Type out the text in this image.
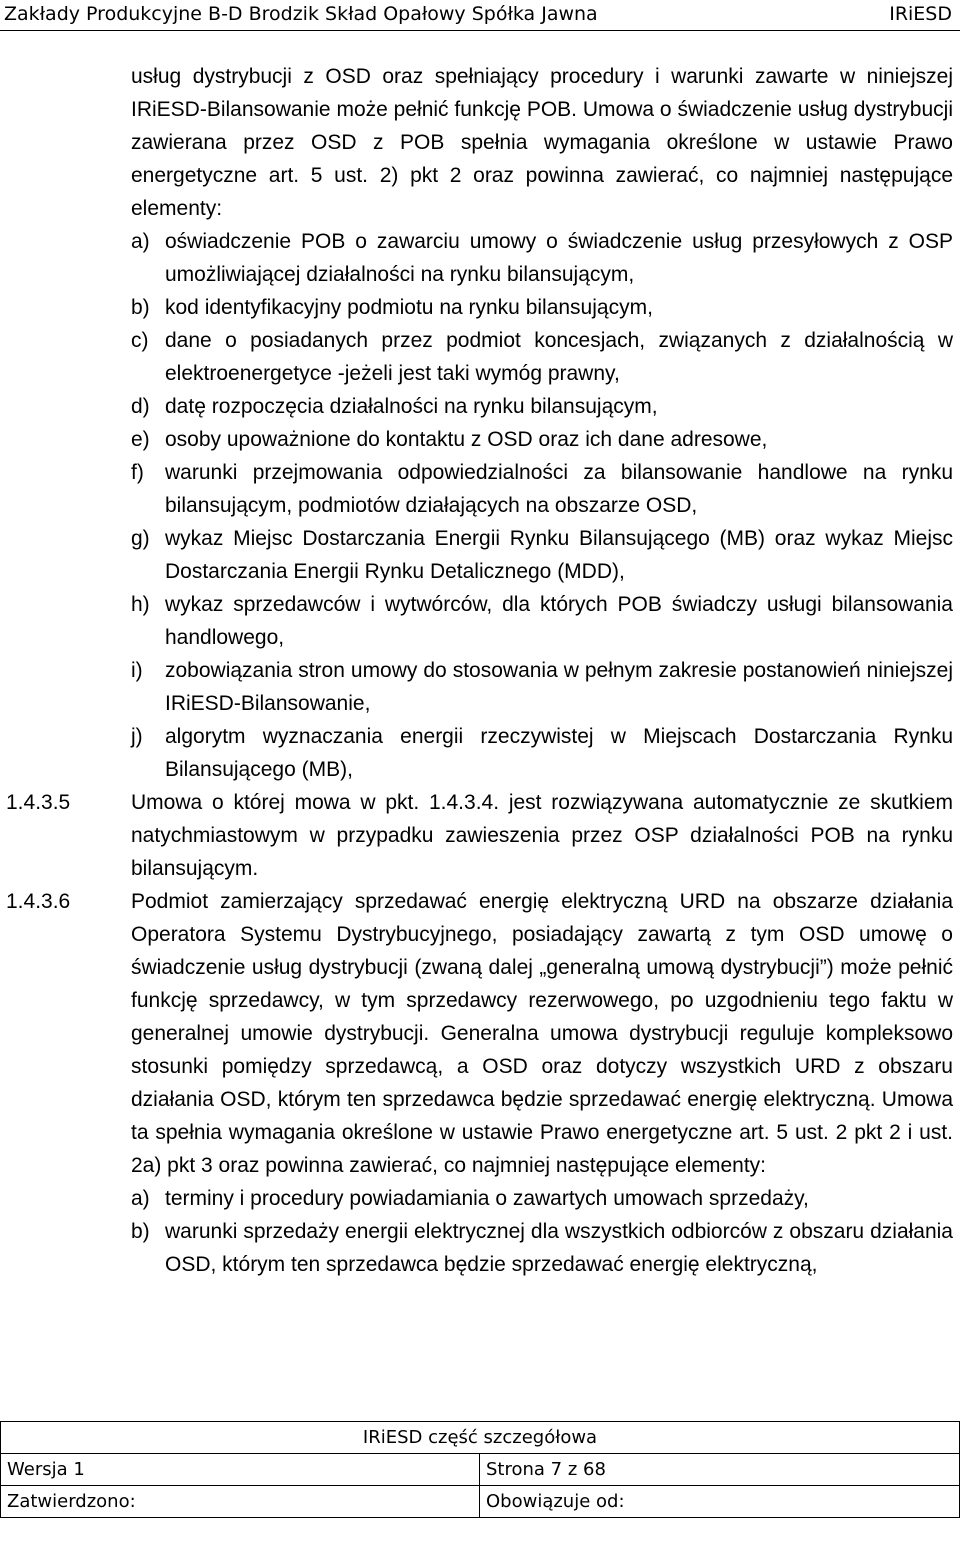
Zakłady Produkcyjne B-D Brodzik Skład Opałowy Spółka Jawna	IRiESD
usług dystrybucji z OSD oraz spełniający procedury i warunki zawarte w niniejszej IRiESD-Bilansowanie może pełnić funkcję POB. Umowa o świadczenie usług dystrybucji zawierana przez OSD z POB spełnia wymagania określone w ustawie Prawo energetyczne art. 5 ust. 2) pkt 2 oraz powinna zawierać, co najmniej następujące elementy:
a) oświadczenie POB o zawarciu umowy o świadczenie usług przesyłowych z OSP umożliwiającej działalności na rynku bilansującym,
b) kod identyfikacyjny podmiotu na rynku bilansującym,
c) dane o posiadanych przez podmiot koncesjach, związanych z działalnością w elektroenergetyce -jeżeli jest taki wymóg prawny,
d) datę rozpoczęcia działalności na rynku bilansującym,
e) osoby upoważnione do kontaktu z OSD oraz ich dane adresowe,
f)	warunki przejmowania odpowiedzialności za bilansowanie handlowe na rynku bilansującym, podmiotów działających na obszarze OSD,
g) wykaz Miejsc Dostarczania Energii Rynku Bilansującego (MB) oraz wykaz Miejsc Dostarczania Energii Rynku Detalicznego (MDD),
h) wykaz sprzedawców i wytwórców, dla których POB świadczy usługi bilansowania handlowego,
i)	zobowiązania stron umowy do stosowania w pełnym zakresie postanowień niniejszej IRiESD-Bilansowanie,
j)	algorytm wyznaczania energii rzeczywistej w Miejscach Dostarczania Rynku Bilansującego (MB),
1.4.3.5	Umowa o której mowa w pkt. 1.4.3.4. jest rozwiązywana automatycznie ze skutkiem natychmiastowym w przypadku zawieszenia przez OSP działalności POB na rynku bilansującym.
1.4.3.6	Podmiot zamierzający sprzedawać energię elektryczną URD na obszarze działania Operatora Systemu Dystrybucyjnego, posiadający zawartą z tym OSD umowę o świadczenie usług dystrybucji (zwaną dalej „generalną umową dystrybucji”) może pełnić funkcję sprzedawcy, w tym sprzedawcy rezerwowego, po uzgodnieniu tego faktu w generalnej umowie dystrybucji. Generalna umowa dystrybucji reguluje kompleksowo stosunki pomiędzy sprzedawcą, a OSD oraz dotyczy wszystkich URD z obszaru działania OSD, którym ten sprzedawca będzie sprzedawać energię elektryczną. Umowa ta spełnia wymagania określone w ustawie Prawo energetyczne art. 5 ust. 2 pkt 2 i ust. 2a) pkt 3 oraz powinna zawierać, co najmniej następujące elementy:
a) terminy i procedury powiadamiania o zawartych umowach sprzedaży,
b) warunki sprzedaży energii elektrycznej dla wszystkich odbiorców z obszaru działania OSD, którym ten sprzedawca będzie sprzedawać energię elektryczną,
IRiESD część szczegółowa	
Wersja 1	Strona 7 z 68
Zatwierdzono:	Obowiązuje od:
